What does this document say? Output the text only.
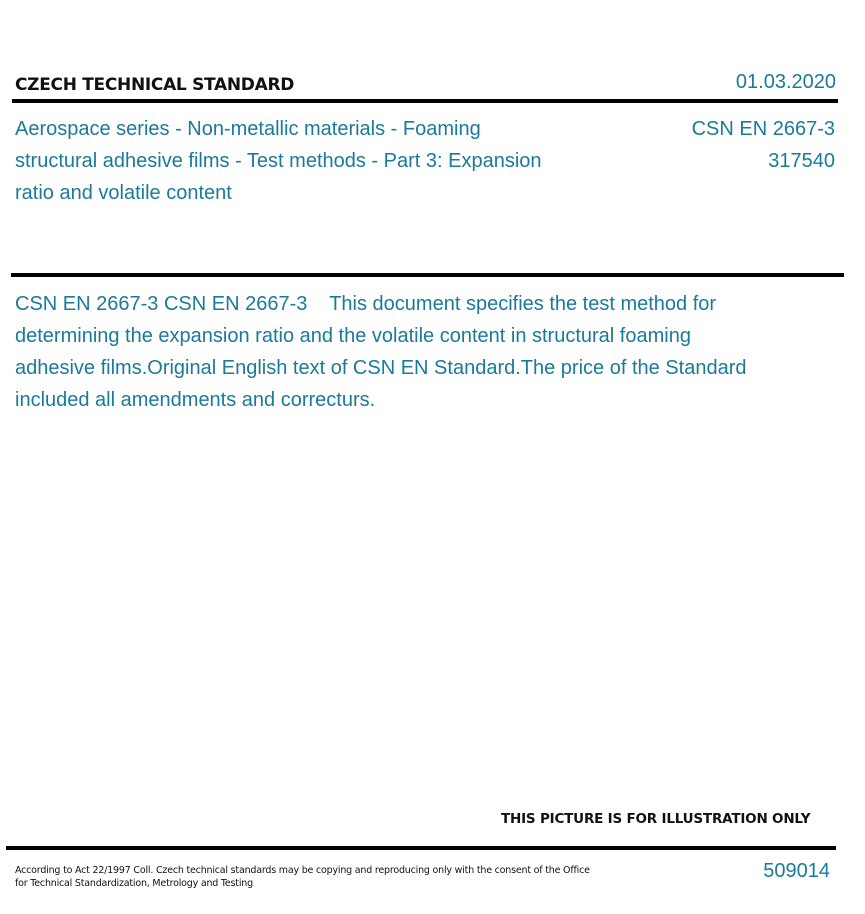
CZECH TECHNICAL STANDARD	01.03.2020
Aerospace series - Non-metallic materials - Foaming structural adhesive films - Test methods - Part 3: Expansion ratio and volatile content
CSN EN 2667-3
317540
CSN EN 2667-3 CSN EN 2667-3    This document specifies the test method for determining the expansion ratio and the volatile content in structural foaming adhesive films.Original English text of CSN EN Standard.The price of the Standard included all amendments and correcturs.
THIS PICTURE IS FOR ILLUSTRATION ONLY
According to Act 22/1997 Coll. Czech technical standards may be copying and reproducing only with the consent of the Office
for Technical Standardization, Metrology and Testing
509014
